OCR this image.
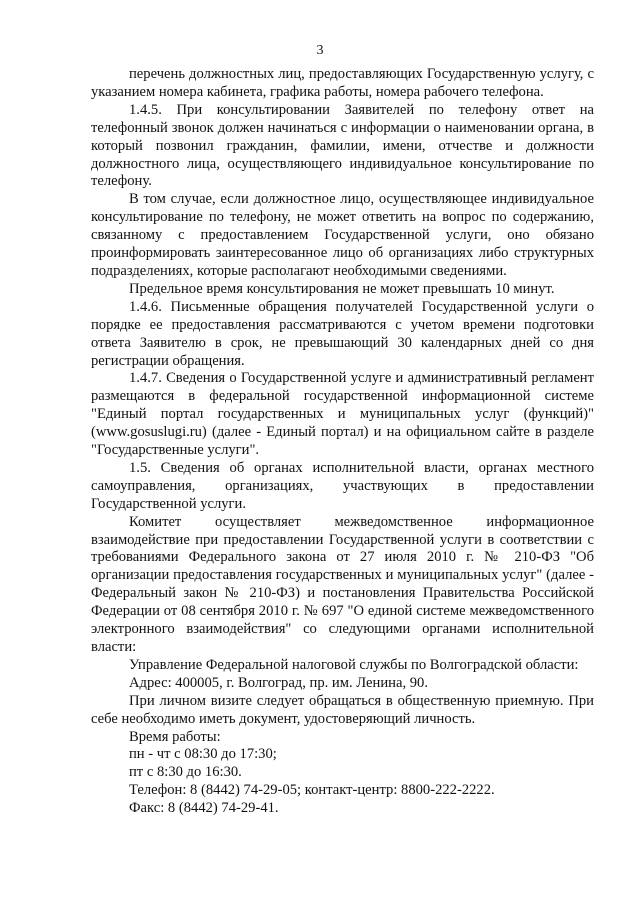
3

перечень должностных лиц, предоставляющих Государственную услугу, с указанием номера кабинета, графика работы, номера рабочего телефона.

1.4.5. При консультировании Заявителей по телефону ответ на телефонный звонок должен начинаться с информации о наименовании органа, в который позвонил гражданин, фамилии, имени, отчестве и должности должностного лица, осуществляющего индивидуальное консультирование по телефону.

В том случае, если должностное лицо, осуществляющее индивидуальное консультирование по телефону, не может ответить на вопрос по содержанию, связанному с предоставлением Государственной услуги, оно обязано проинформировать заинтересованное лицо об организациях либо структурных подразделениях, которые располагают необходимыми сведениями.

Предельное время консультирования не может превышать 10 минут.

1.4.6. Письменные обращения получателей Государственной услуги о порядке ее предоставления рассматриваются с учетом времени подготовки ответа Заявителю в срок, не превышающий 30 календарных дней со дня регистрации обращения.

1.4.7. Сведения о Государственной услуге и административный регламент размещаются в федеральной государственной информационной системе "Единый портал государственных и муниципальных услуг (функций)" (www.gosuslugi.ru) (далее - Единый портал) и на официальном сайте в разделе "Государственные услуги".

1.5. Сведения об органах исполнительной власти, органах местного самоуправления, организациях, участвующих в предоставлении Государственной услуги.

Комитет осуществляет межведомственное информационное взаимодействие при предоставлении Государственной услуги в соответствии с требованиями Федерального закона от 27 июля 2010 г. № 210-ФЗ "Об организации предоставления государственных и муниципальных услуг" (далее - Федеральный закон № 210-ФЗ) и постановления Правительства Российской Федерации от 08 сентября 2010 г. № 697 "О единой системе межведомственного электронного взаимодействия" со следующими органами исполнительной власти:

Управление Федеральной налоговой службы по Волгоградской области:

Адрес: 400005, г. Волгоград, пр. им. Ленина, 90.

При личном визите следует обращаться в общественную приемную. При себе необходимо иметь документ, удостоверяющий личность.

Время работы:
пн - чт с 08:30 до 17:30;
пт с 8:30 до 16:30.
Телефон: 8 (8442) 74-29-05; контакт-центр: 8800-222-2222.
Факс: 8 (8442) 74-29-41.
